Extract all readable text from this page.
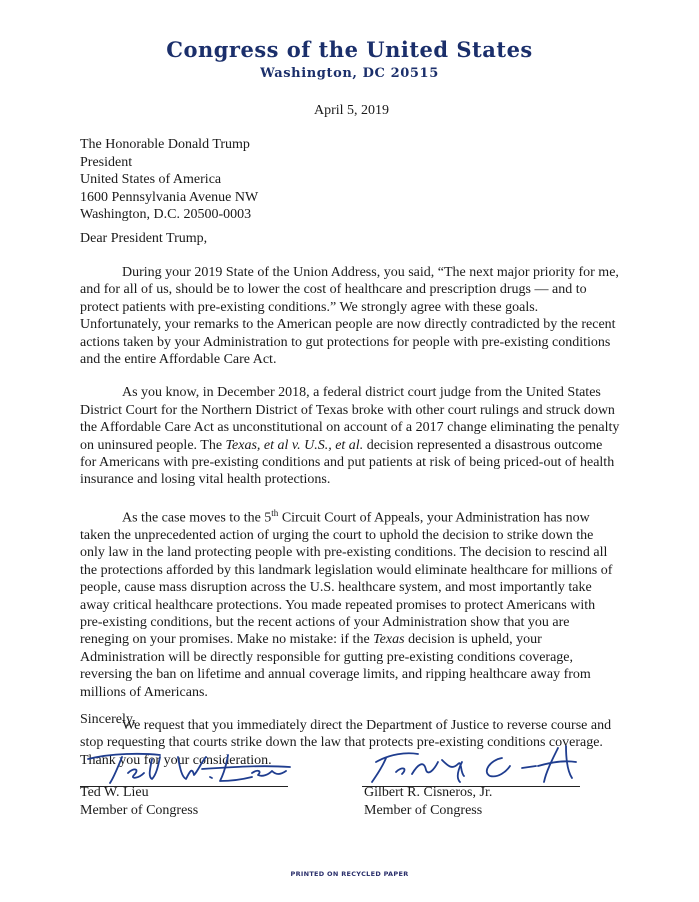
Congress of the United States
Washington, DC 20515
April 5, 2019
The Honorable Donald Trump
President
United States of America
1600 Pennsylvania Avenue NW
Washington, D.C. 20500-0003
Dear President Trump,

During your 2019 State of the Union Address, you said, “The next major priority for me, and for all of us, should be to lower the cost of healthcare and prescription drugs — and to protect patients with pre-existing conditions.” We strongly agree with these goals. Unfortunately, your remarks to the American people are now directly contradicted by the recent actions taken by your Administration to gut protections for people with pre-existing conditions and the entire Affordable Care Act.

As you know, in December 2018, a federal district court judge from the United States District Court for the Northern District of Texas broke with other court rulings and struck down the Affordable Care Act as unconstitutional on account of a 2017 change eliminating the penalty on uninsured people. The Texas, et al v. U.S., et al. decision represented a disastrous outcome for Americans with pre-existing conditions and put patients at risk of being priced-out of health insurance and losing vital health protections.

As the case moves to the 5th Circuit Court of Appeals, your Administration has now taken the unprecedented action of urging the court to uphold the decision to strike down the only law in the land protecting people with pre-existing conditions. The decision to rescind all the protections afforded by this landmark legislation would eliminate healthcare for millions of people, cause mass disruption across the U.S. healthcare system, and most importantly take away critical healthcare protections. You made repeated promises to protect Americans with pre-existing conditions, but the recent actions of your Administration show that you are reneging on your promises. Make no mistake: if the Texas decision is upheld, your Administration will be directly responsible for gutting pre-existing conditions coverage, reversing the ban on lifetime and annual coverage limits, and ripping healthcare away from millions of Americans.

We request that you immediately direct the Department of Justice to reverse course and stop requesting that courts strike down the law that protects pre-existing conditions coverage. Thank you for your consideration.

Sincerely,
Ted W. Lieu
Member of Congress
Gilbert R. Cisneros, Jr.
Member of Congress
PRINTED ON RECYCLED PAPER
